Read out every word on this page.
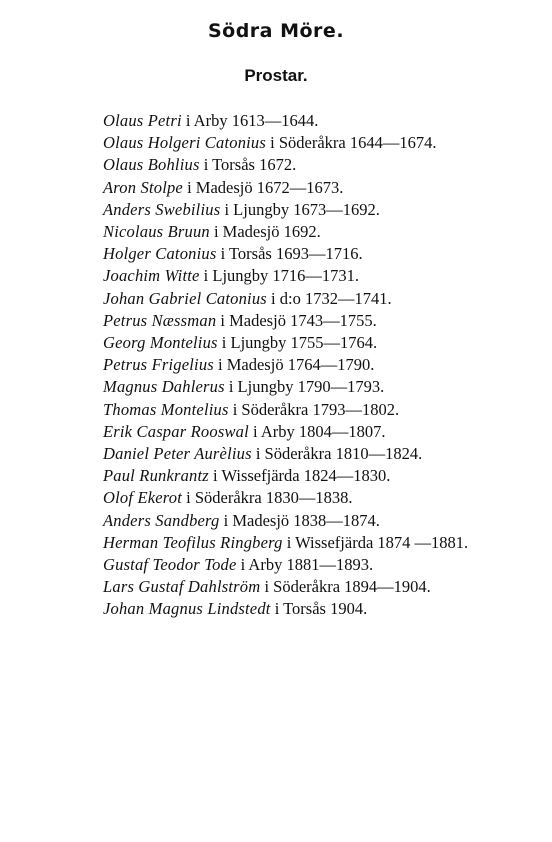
Södra Möre.
Prostar.
Olaus Petri i Arby 1613—1644.
Olaus Holgeri Catonius i Söderåkra 1644—1674.
Olaus Bohlius i Torsås 1672.
Aron Stolpe i Madesjö 1672—1673.
Anders Swebilius i Ljungby 1673—1692.
Nicolaus Bruun i Madesjö 1692.
Holger Catonius i Torsås 1693—1716.
Joachim Witte i Ljungby 1716—1731.
Johan Gabriel Catonius i d:o 1732—1741.
Petrus Næssman i Madesjö 1743—1755.
Georg Montelius i Ljungby 1755—1764.
Petrus Frigelius i Madesjö 1764—1790.
Magnus Dahlerus i Ljungby 1790—1793.
Thomas Montelius i Söderåkra 1793—1802.
Erik Caspar Rooswal i Arby 1804—1807.
Daniel Peter Aurèlius i Söderåkra 1810—1824.
Paul Runkrantz i Wissefjärda 1824—1830.
Olof Ekerot i Söderåkra 1830—1838.
Anders Sandberg i Madesjö 1838—1874.
Herman Teofilus Ringberg i Wissefjärda 1874 —1881.
Gustaf Teodor Tode i Arby 1881—1893.
Lars Gustaf Dahlström i Söderåkra 1894—1904.
Johan Magnus Lindstedt i Torsås 1904.
